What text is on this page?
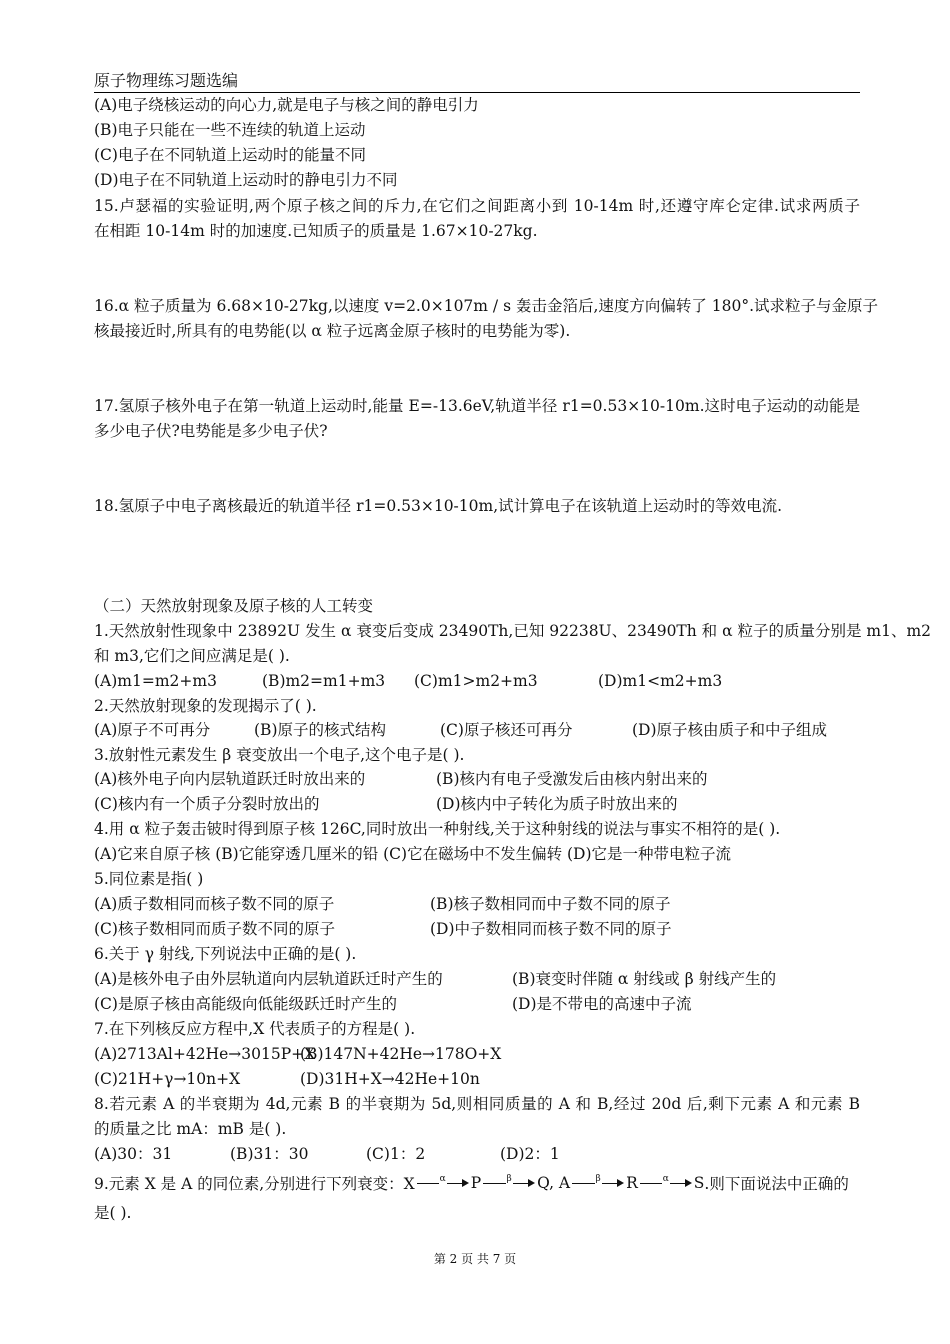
原子物理练习题选编
(A)电子绕核运动的向心力,就是电子与核之间的静电引力
(B)电子只能在一些不连续的轨道上运动
(C)电子在不同轨道上运动时的能量不同
(D)电子在不同轨道上运动时的静电引力不同
15.卢瑟福的实验证明,两个原子核之间的斥力,在它们之间距离小到 10-14m 时,还遵守库仑定律.试求两质子
在相距 10-14m 时的加速度.已知质子的质量是 1.67×10-27kg.
16.α 粒子质量为 6.68×10-27kg,以速度 v=2.0×107m / s 轰击金箔后,速度方向偏转了 180°.试求粒子与金原子
核最接近时,所具有的电势能(以 α 粒子远离金原子核时的电势能为零).
17.氢原子核外电子在第一轨道上运动时,能量 E=-13.6eV,轨道半径 r1=0.53×10-10m.这时电子运动的动能是
多少电子伏?电势能是多少电子伏?
18.氢原子中电子离核最近的轨道半径 r1=0.53×10-10m,试计算电子在该轨道上运动时的等效电流.
（二）天然放射现象及原子核的人工转变
1.天然放射性现象中 23892U 发生 α 衰变后变成 23490Th,已知 92238U、23490Th 和 α 粒子的质量分别是 m1、m2
和 m3,它们之间应满足是( ).
(A)m1=m2+m3	(B)m2=m1+m3 (C)m1>m2+m3	(D)m1<m2+m3
2.天然放射现象的发现揭示了( ).
(A)原子不可再分	(B)原子的核式结构	(C)原子核还可再分	(D)原子核由质子和中子组成
3.放射性元素发生 β 衰变放出一个电子,这个电子是( ).
(A)核外电子向内层轨道跃迁时放出来的	(B)核内有电子受激发后由核内射出来的
(C)核内有一个质子分裂时放出的	(D)核内中子转化为质子时放出来的
4.用 α 粒子轰击铍时得到原子核 126C,同时放出一种射线,关于这种射线的说法与事实不相符的是( ).
(A)它来自原子核 (B)它能穿透几厘米的铅 (C)它在磁场中不发生偏转 (D)它是一种带电粒子流
5.同位素是指( )
(A)质子数相同而核子数不同的原子	(B)核子数相同而中子数不同的原子
(C)核子数相同而质子数不同的原子	(D)中子数相同而核子数不同的原子
6.关于 γ 射线,下列说法中正确的是( ).
(A)是核外电子由外层轨道向内层轨道跃迁时产生的	(B)衰变时伴随 α 射线或 β 射线产生的
(C)是原子核由高能级向低能级跃迁时产生的	(D)是不带电的高速中子流
7.在下列核反应方程中,X 代表质子的方程是( ).
(A)2713Al+42He→3015P+X
(B)147N+42He→178O+X
(C)21H+γ→10n+X	(D)31H+X→42He+10n
8.若元素 A 的半衰期为 4d,元素 B 的半衰期为 5d,则相同质量的 A 和 B,经过 20d 后,剩下元素 A 和元素 B
的质量之比 mA：mB 是( ).
(A)30：31	(B)31：30	(C)1：2	(D)2：1
9.元素 X 是 A 的同位素,分别进行下列衰变：X	α	P	β	Q, A	β	R	α	S .则下面说法中正确的
是( ).
第 2 页 共 7 页
